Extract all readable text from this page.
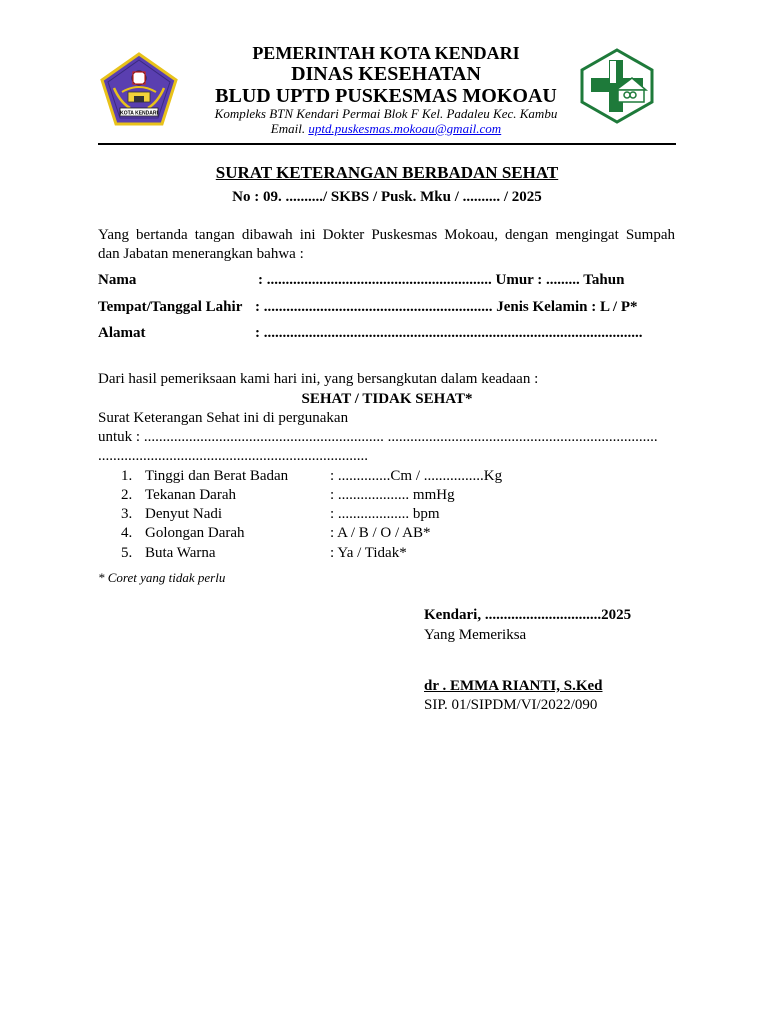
KOTA KENDARI
PEMERINTAH KOTA KENDARI
DINAS KESEHATAN
BLUD UPTD PUSKESMAS MOKOAU
Kompleks BTN Kendari Permai Blok F Kel. Padaleu Kec. Kambu
Email. uptd.puskesmas.mokoau@gmail.com
SURAT KETERANGAN BERBADAN SEHAT
No : 09. ........../ SKBS / Pusk. Mku / .......... / 2025
Yang bertanda tangan dibawah ini Dokter Puskesmas Mokoau, dengan mengingat Sumpah
dan Jabatan menerangkan bahwa :
Nama	: ............................................................ Umur : ......... Tahun
Tempat/Tanggal Lahir : ............................................................. Jenis Kelamin : L / P*
Alamat	: .....................................................................................................
Dari hasil pemeriksaan kami hari ini, yang bersangkutan dalam keadaan :
SEHAT / TIDAK SEHAT*
Surat Keterangan Sehat ini di pergunakan
untuk : ................................................................ ........................................................................
........................................................................
1. Tinggi dan Berat Badan	: ..............Cm / ................Kg
2. Tekanan Darah	: ................... mmHg
3. Denyut Nadi	: ................... bpm
4. Golongan Darah	: A / B / O / AB*
5. Buta Warna	: Ya / Tidak*
* Coret yang tidak perlu
Kendari, ...............................2025
Yang Memeriksa
dr . EMMA RIANTI, S.Ked
SIP. 01/SIPDM/VI/2022/090
